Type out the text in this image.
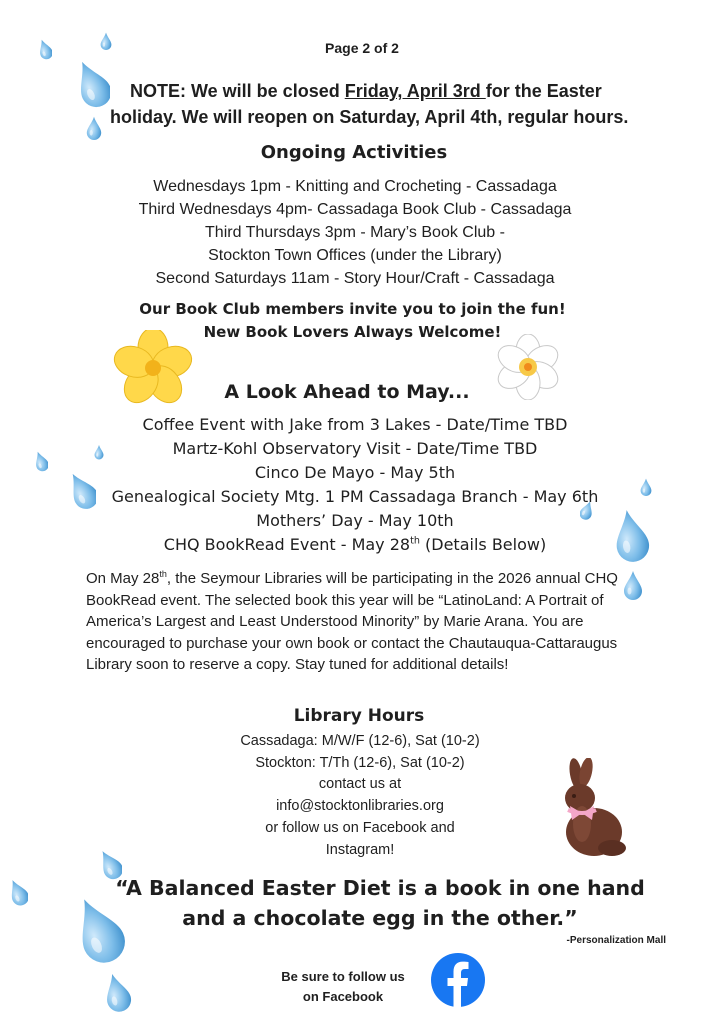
Page 2 of 2
NOTE: We will be closed Friday, April 3rd for the Easter
holiday. We will reopen on Saturday, April 4th, regular hours.
Ongoing Activities
Wednesdays 1pm - Knitting and Crocheting - Cassadaga
Third Wednesdays 4pm- Cassadaga Book Club - Cassadaga
Third Thursdays 3pm - Mary’s Book Club -
Stockton Town Offices (under the Library)
Second Saturdays 11am - Story Hour/Craft - Cassadaga
Our Book Club members invite you to join the fun!
New Book Lovers Always Welcome!
A Look Ahead to May...
Coffee Event with Jake from 3 Lakes - Date/Time TBD
Martz-Kohl Observatory Visit - Date/Time TBD
Cinco De Mayo - May 5th
Genealogical Society Mtg. 1 PM Cassadaga Branch - May 6th
Mothers’ Day - May 10th
CHQ BookRead Event - May 28th (Details Below)
On May 28th, the Seymour Libraries will be participating in the 2026 annual CHQ BookRead event. The selected book this year will be “LatinoLand: A Portrait of America’s Largest and Least Understood Minority” by Marie Arana. You are encouraged to purchase your own book or contact the Chautauqua-Cattaraugus Library soon to reserve a copy. Stay tuned for additional details!
Library Hours
Cassadaga: M/W/F (12-6), Sat (10-2)
Stockton: T/Th (12-6), Sat (10-2)
contact us at
info@stocktonlibraries.org
or follow us on Facebook and
Instagram!
“A Balanced Easter Diet is a book in one hand
and a chocolate egg in the other.”
-Personalization Mall
Be sure to follow us
on Facebook
